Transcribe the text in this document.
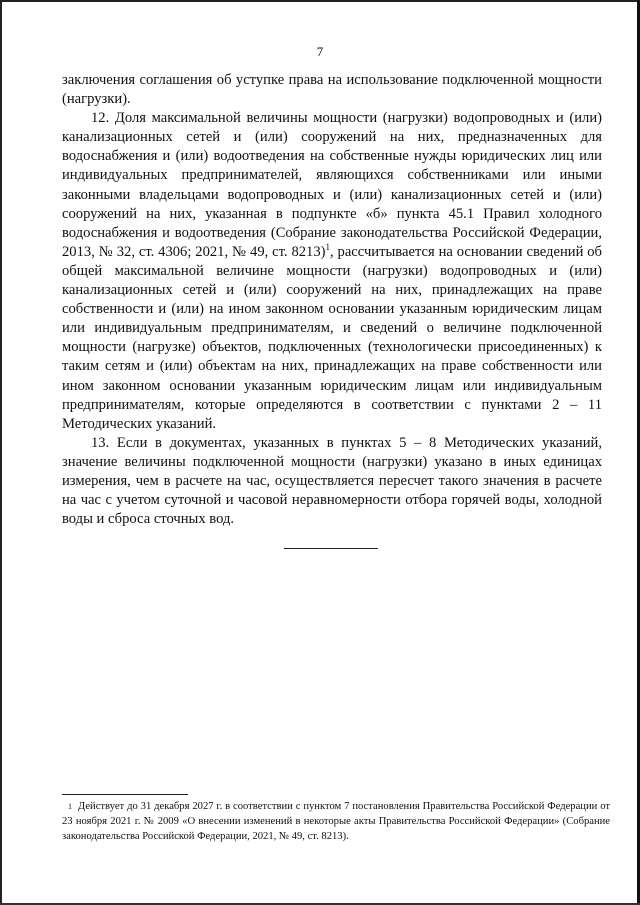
7

заключения соглашения об уступке права на использование подключенной мощности (нагрузки).

12. Доля максимальной величины мощности (нагрузки) водопроводных и (или) канализационных сетей и (или) сооружений на них, предназначенных для водоснабжения и (или) водоотведения на собственные нужды юридических лиц или индивидуальных предпринимателей, являющихся собственниками или иными законными владельцами водопроводных и (или) канализационных сетей и (или) сооружений на них, указанная в подпункте «б» пункта 45.1 Правил холодного водоснабжения и водоотведения (Собрание законодательства Российской Федерации, 2013, № 32, ст. 4306; 2021, № 49, ст. 8213)$^1$, рассчитывается на основании сведений об общей максимальной величине мощности (нагрузки) водопроводных и (или) канализационных сетей и (или) сооружений на них, принадлежащих на праве собственности и (или) на ином законном основании указанным юридическим лицам или индивидуальным предпринимателям, и сведений о величине подключенной мощности (нагрузке) объектов, подключенных (технологически присоединенных) к таким сетям и (или) объектам на них, принадлежащих на праве собственности или ином законном основании указанным юридическим лицам или индивидуальным предпринимателям, которые определяются в соответствии с пунктами 2 – 11 Методических указаний.

13. Если в документах, указанных в пунктах 5 – 8 Методических указаний, значение величины подключенной мощности (нагрузки) указано в иных единицах измерения, чем в расчете на час, осуществляется пересчет такого значения в расчете на час с учетом суточной и часовой неравномерности отбора горячей воды, холодной воды и сброса сточных вод.

$^1$ Действует до 31 декабря 2027 г. в соответствии с пунктом 7 постановления Правительства Российской Федерации от 23 ноября 2021 г. № 2009 «О внесении изменений в некоторые акты Правительства Российской Федерации» (Собрание законодательства Российской Федерации, 2021, № 49, ст. 8213).
